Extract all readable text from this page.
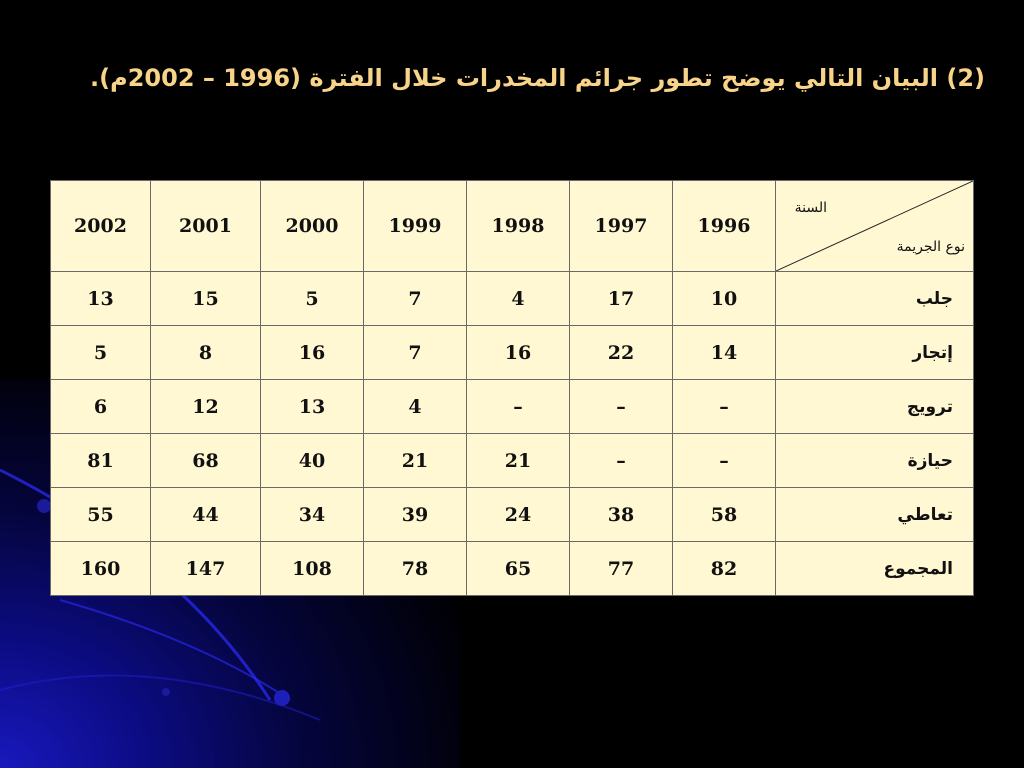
(2) البيان التالي يوضح تطور جرائم المخدرات خلال الفترة (1996 – 2002م).
السنة
نوع الجريمة	1996	1997	1998	1999	2000	2001	2002
جلب	10	17	4	7	5	15	13
إتجار	14	22	16	7	16	8	5
ترويج	–	–	–	4	13	12	6
حيازة	–	–	21	21	40	68	81
تعاطي	58	38	24	39	34	44	55
المجموع	82	77	65	78	108	147	160
